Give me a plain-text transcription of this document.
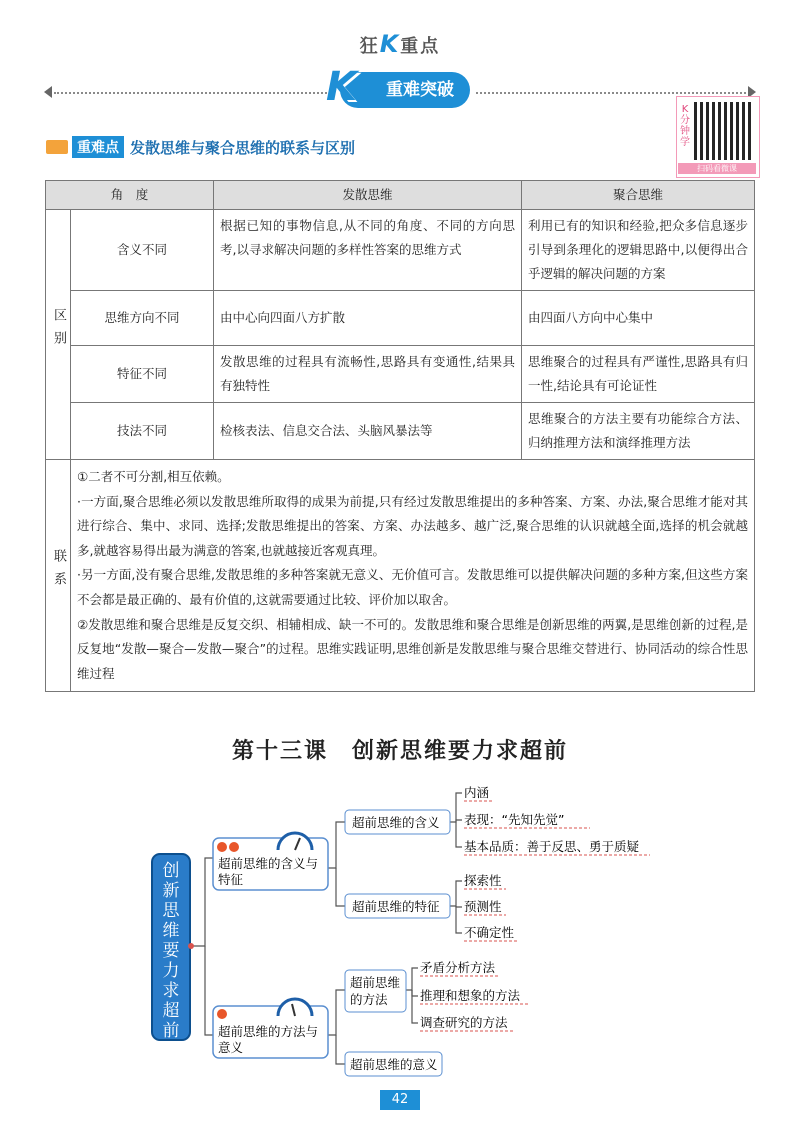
狂K重点
重难突破
K	K分钟学
扫码看微课
重难点 发散思维与聚合思维的联系与区别
角　度		发散思维	聚合思维
区别	含义不同	根据已知的事物信息,从不同的角度、不同的方向思考,以寻求解决问题的多样性答案的思维方式	利用已有的知识和经验,把众多信息逐步引导到条理化的逻辑思路中,以便得出合乎逻辑的解决问题的方案
	思维方向不同	由中心向四面八方扩散	由四面八方向中心集中
	特征不同	发散思维的过程具有流畅性,思路具有变通性,结果具有独特性	思维聚合的过程具有严谨性,思路具有归一性,结论具有可论证性
	技法不同	检核表法、信息交合法、头脑风暴法等	思维聚合的方法主要有功能综合方法、归纳推理方法和演绎推理方法
联系	①二者不可分割,相互依赖。

·一方面,聚合思维必须以发散思维所取得的成果为前提,只有经过发散思维提出的多种答案、方案、办法,聚合思维才能对其进行综合、集中、求同、选择;发散思维提出的答案、方案、办法越多、越广泛,聚合思维的认识就越全面,选择的机会就越多,就越容易得出最为满意的答案,也就越接近客观真理。

·另一方面,没有聚合思维,发散思维的多种答案就无意义、无价值可言。发散思维可以提供解决问题的多种方案,但这些方案不会都是最正确的、最有价值的,这就需要通过比较、评价加以取舍。

②发散思维和聚合思维是反复交织、相辅相成、缺一不可的。发散思维和聚合思维是创新思维的两翼,是思维创新的过程,是反复地“发散—聚合—发散—聚合”的过程。思维实践证明,思维创新是发散思维与聚合思维交替进行、协同活动的综合性思维过程		

第十三课　创新思维要力求超前
创
新
思
维
要
力
求
超
前
超前思维的含义与
特征
超前思维的方法与
意义
超前思维的含义
超前思维的特征
超前思维
的方法
超前思维的意义
内涵
表现：“先知先觉”
基本品质：善于反思、勇于质疑
探索性
预测性
不确定性
矛盾分析方法
推理和想象的方法
调查研究的方法
42
